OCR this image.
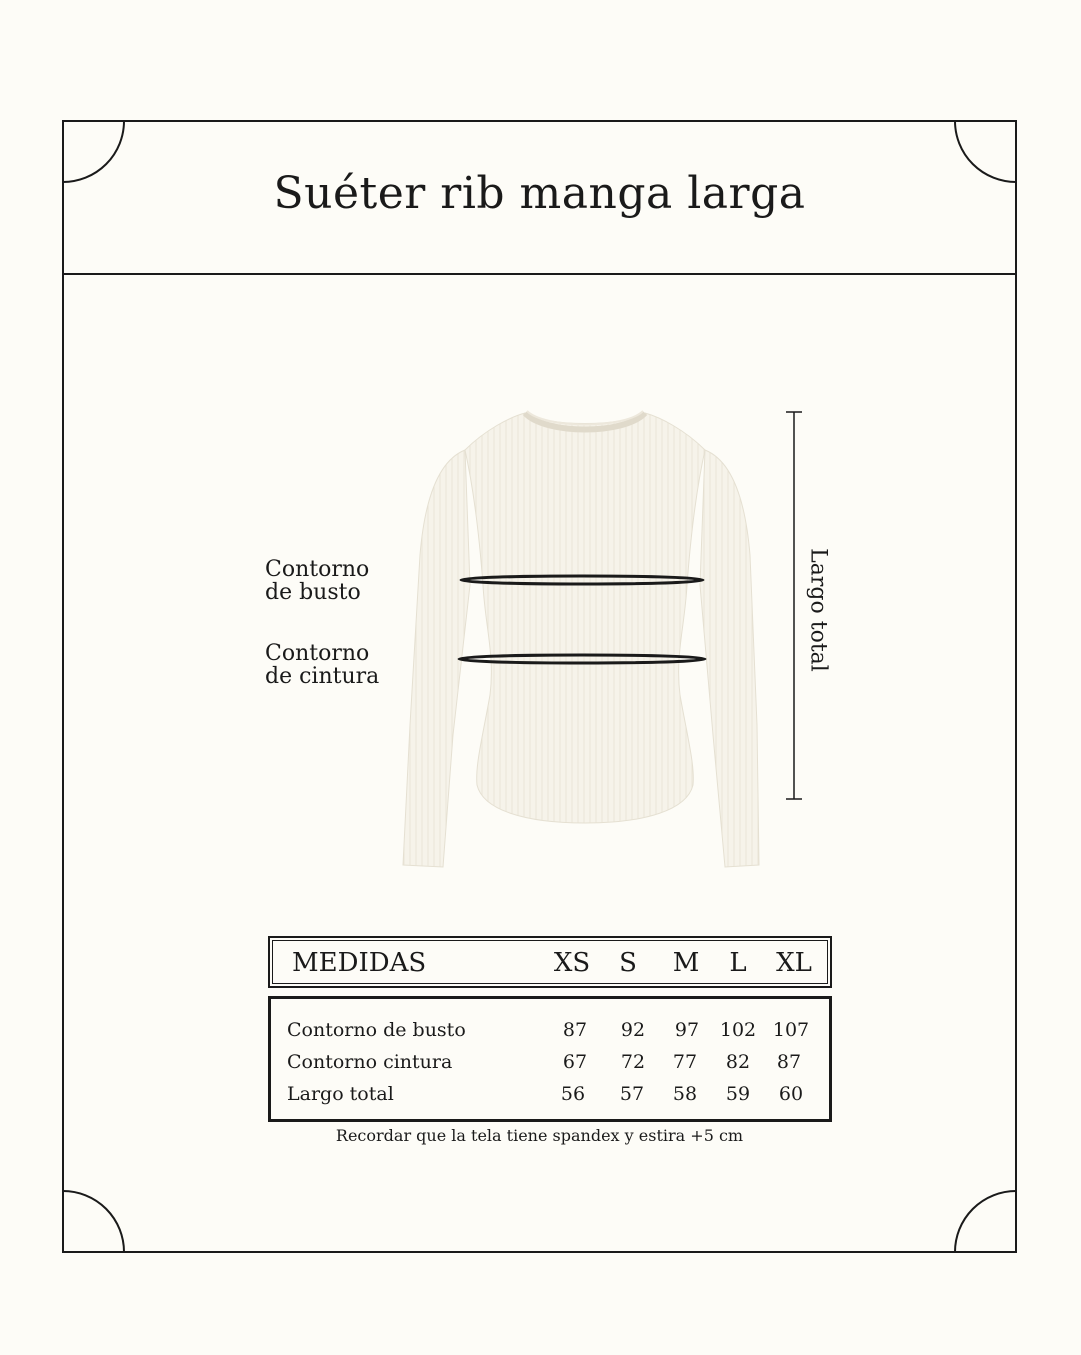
Suéter rib manga larga
Contorno
de busto
Contorno
de cintura
Largo total
MEDIDAS	XS S M L XL
Contorno de busto	87 92 97 102 107
Contorno cintura	67 72 77 82 87
Largo total	56 57 58 59 60
Recordar que la tela tiene spandex y estira +5 cm
